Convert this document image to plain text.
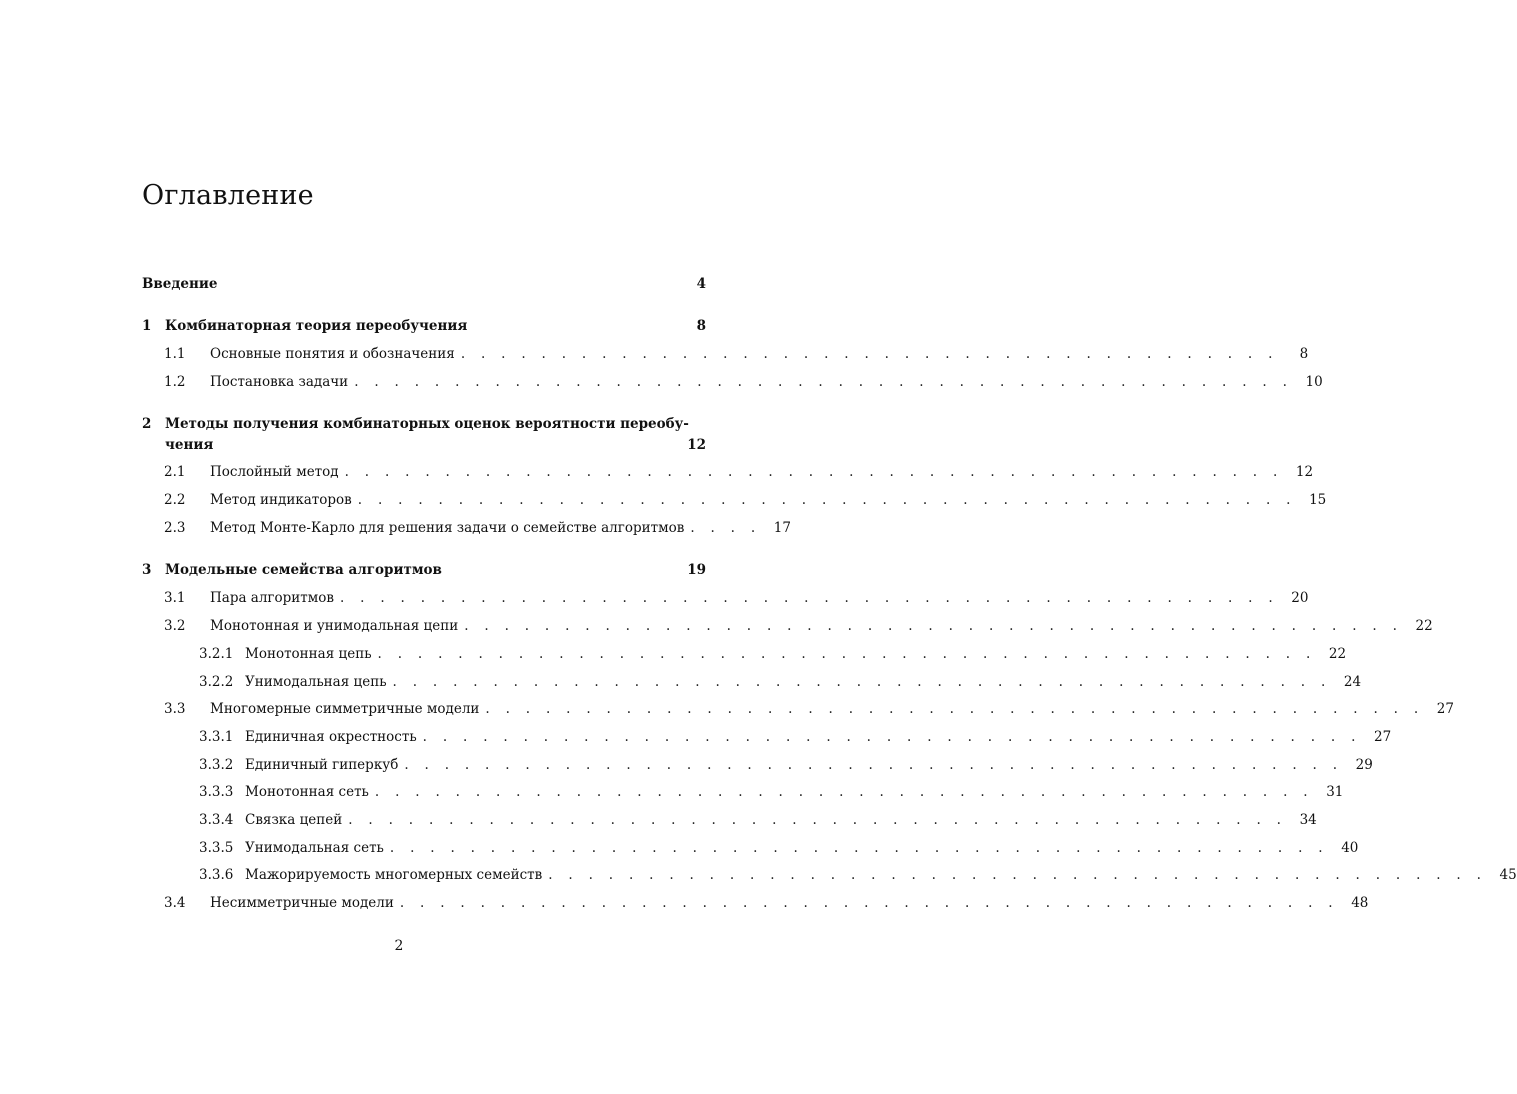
Оглавление
Введение	4
1	Комбинаторная теория переобучения	8
1.1	Основные понятия и обозначения . . . . . . . . . . . . . . . . . . . . . . . . . . . . . . . . . . . . . . . . .	8
1.2	Постановка задачи . . . . . . . . . . . . . . . . . . . . . . . . . . . . . . . . . . . . . . . . . . . . . . . 10
2	Методы получения комбинаторных оценок вероятности переобу-
чения	12
2.1	Послойный метод . . . . . . . . . . . . . . . . . . . . . . . . . . . . . . . . . . . . . . . . . . . . . . . 12
2.2	Метод индикаторов . . . . . . . . . . . . . . . . . . . . . . . . . . . . . . . . . . . . . . . . . . . . . . . 15
2.3	Метод Монте-Карло для решения задачи о семействе алгоритмов . . . . 17
3	Модельные семейства алгоритмов	19
3.1	Пара алгоритмов . . . . . . . . . . . . . . . . . . . . . . . . . . . . . . . . . . . . . . . . . . . . . . . 20
3.2	Монотонная и унимодальная цепи . . . . . . . . . . . . . . . . . . . . . . . . . . . . . . . . . . . . . . . . . . . . . . . 22
3.2.1 Монотонная цепь . . . . . . . . . . . . . . . . . . . . . . . . . . . . . . . . . . . . . . . . . . . . . . . 22
3.2.2 Унимодальная цепь . . . . . . . . . . . . . . . . . . . . . . . . . . . . . . . . . . . . . . . . . . . . . . . 24
3.3	Многомерные симметричные модели . . . . . . . . . . . . . . . . . . . . . . . . . . . . . . . . . . . . . . . . . . . . . . . 27
3.3.1 Единичная окрестность . . . . . . . . . . . . . . . . . . . . . . . . . . . . . . . . . . . . . . . . . . . . . . . 27
3.3.2 Единичный гиперкуб . . . . . . . . . . . . . . . . . . . . . . . . . . . . . . . . . . . . . . . . . . . . . . . 29
3.3.3 Монотонная сеть . . . . . . . . . . . . . . . . . . . . . . . . . . . . . . . . . . . . . . . . . . . . . . . 31
3.3.4 Связка цепей . . . . . . . . . . . . . . . . . . . . . . . . . . . . . . . . . . . . . . . . . . . . . . . 34
3.3.5 Унимодальная сеть . . . . . . . . . . . . . . . . . . . . . . . . . . . . . . . . . . . . . . . . . . . . . . . 40
3.3.6 Мажорируемость многомерных семейств . . . . . . . . . . . . . . . . . . . . . . . . . . . . . . . . . . . . . . . . . . . . . . . 45
3.4	Несимметричные модели . . . . . . . . . . . . . . . . . . . . . . . . . . . . . . . . . . . . . . . . . . . . . . . 48
2
